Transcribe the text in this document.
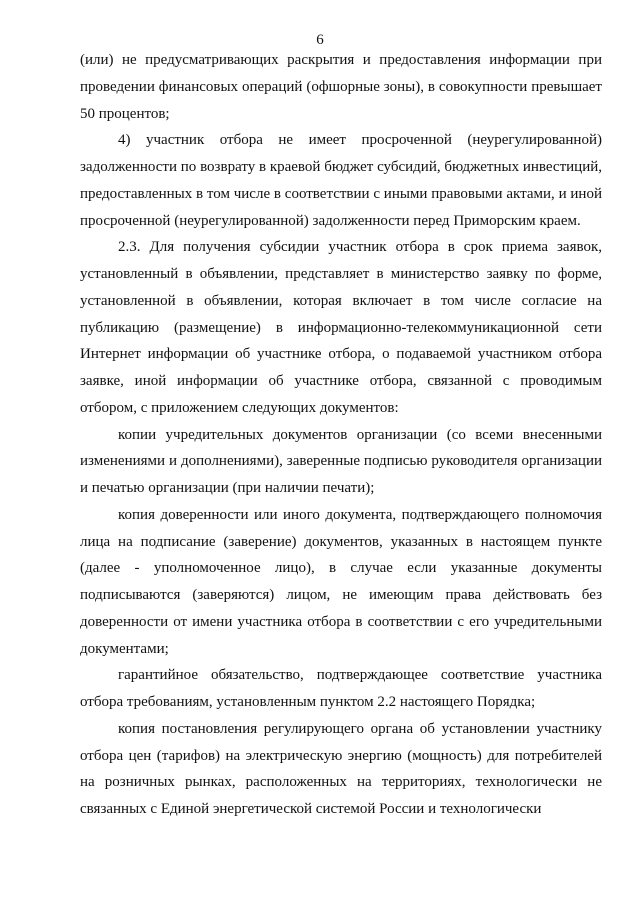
6

(или) не предусматривающих раскрытия и предоставления информации при проведении финансовых операций (офшорные зоны), в совокупности превышает 50 процентов;

4) участник отбора не имеет просроченной (неурегулированной) задолженности по возврату в краевой бюджет субсидий, бюджетных инвестиций, предоставленных в том числе в соответствии с иными правовыми актами, и иной просроченной (неурегулированной) задолженности перед Приморским краем.

2.3. Для получения субсидии участник отбора в срок приема заявок, установленный в объявлении, представляет в министерство заявку по форме, установленной в объявлении, которая включает в том числе согласие на публикацию (размещение) в информационно-телекоммуникационной сети Интернет информации об участнике отбора, о подаваемой участником отбора заявке, иной информации об участнике отбора, связанной с проводимым отбором, с приложением следующих документов:

копии учредительных документов организации (со всеми внесенными изменениями и дополнениями), заверенные подписью руководителя организации и печатью организации (при наличии печати);

копия доверенности или иного документа, подтверждающего полномочия лица на подписание (заверение) документов, указанных в настоящем пункте (далее - уполномоченное лицо), в случае если указанные документы подписываются (заверяются) лицом, не имеющим права действовать без доверенности от имени участника отбора в соответствии с его учредительными документами;

гарантийное обязательство, подтверждающее соответствие участника отбора требованиям, установленным пунктом 2.2 настоящего Порядка;

копия постановления регулирующего органа об установлении участнику отбора цен (тарифов) на электрическую энергию (мощность) для потребителей на розничных рынках, расположенных на территориях, технологически не связанных с Единой энергетической системой России и технологически
